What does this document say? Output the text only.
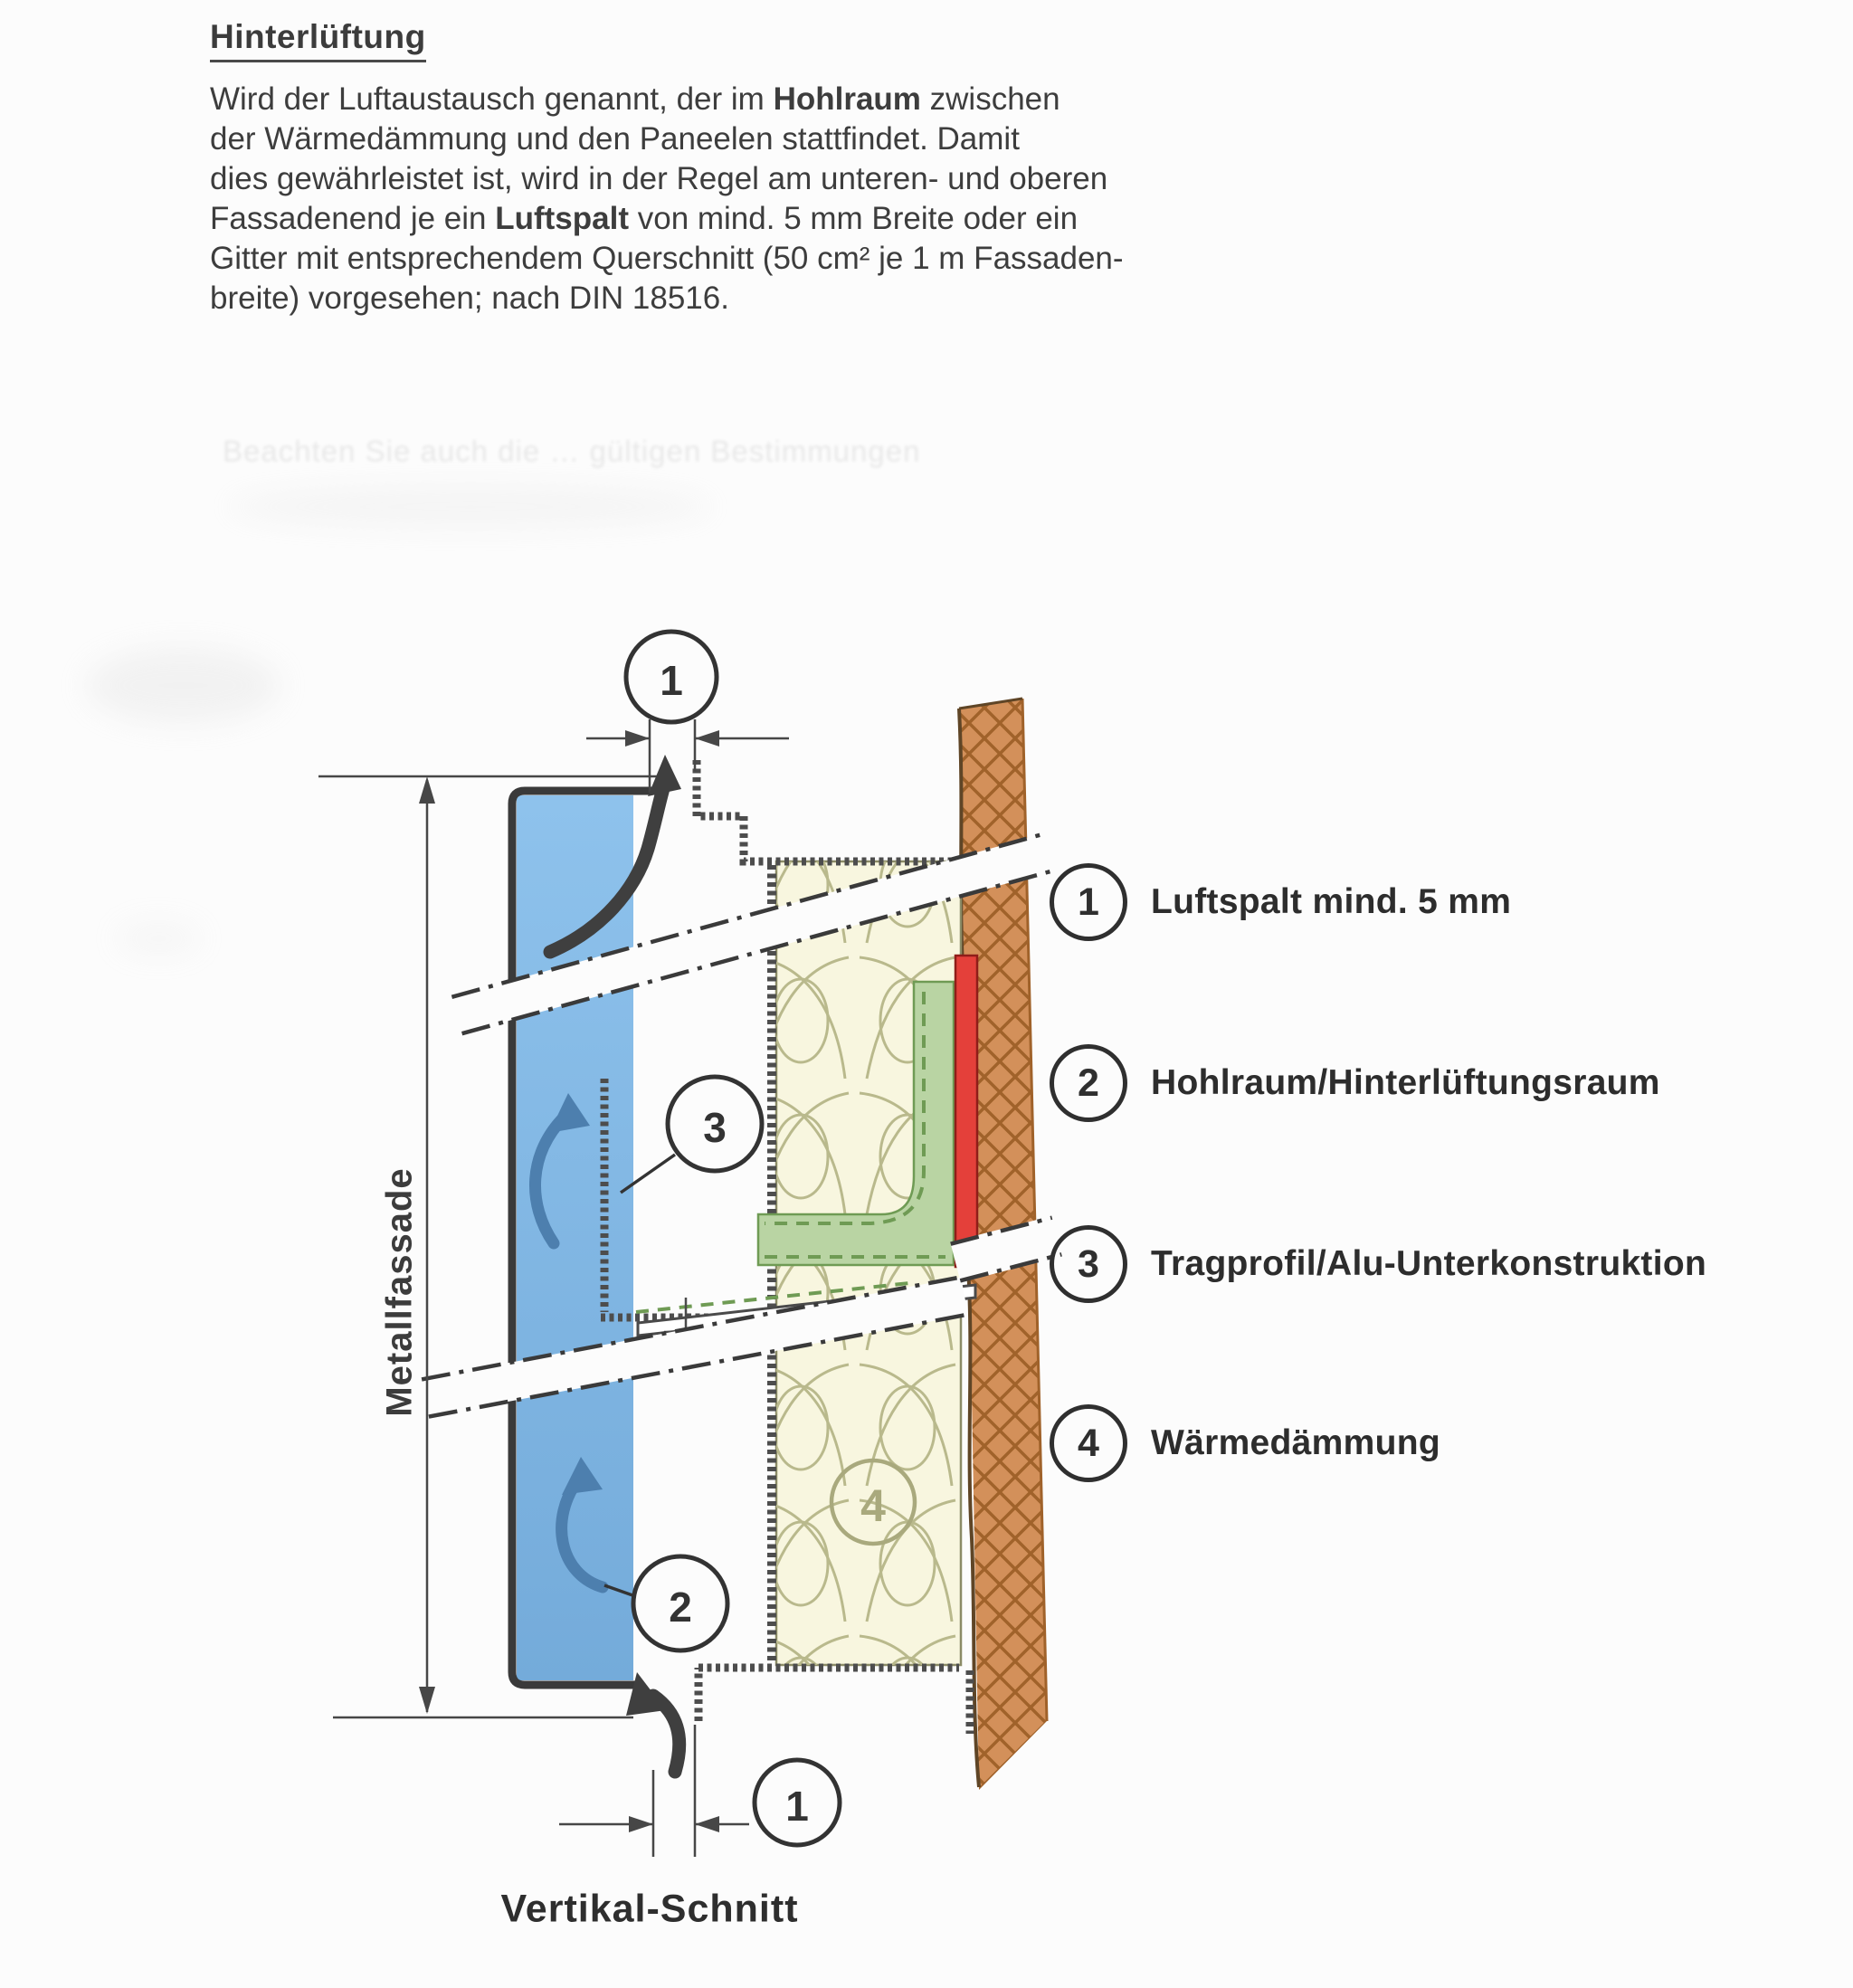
Hinterlüftung
Wird der Luftaustausch genannt, der im Hohlraum zwischen
der Wärmedämmung und den Paneelen stattfindet. Damit
dies gewährleistet ist, wird in der Regel am unteren- und oberen
Fassadenend je ein Luftspalt von mind. 5 mm Breite oder ein
Gitter mit entsprechendem Querschnitt (50 cm² je 1 m Fassaden-
breite) vorgesehen; nach DIN 18516.
Beachten Sie auch die … gültigen Bestimmungen
1
3
2
4
1
Metallfassade
1	Luftspalt mind. 5 mm
2	Hohlraum/Hinterlüftungsraum
3	Tragprofil/Alu-Unterkonstruktion
4	Wärmedämmung
Vertikal-Schnitt
